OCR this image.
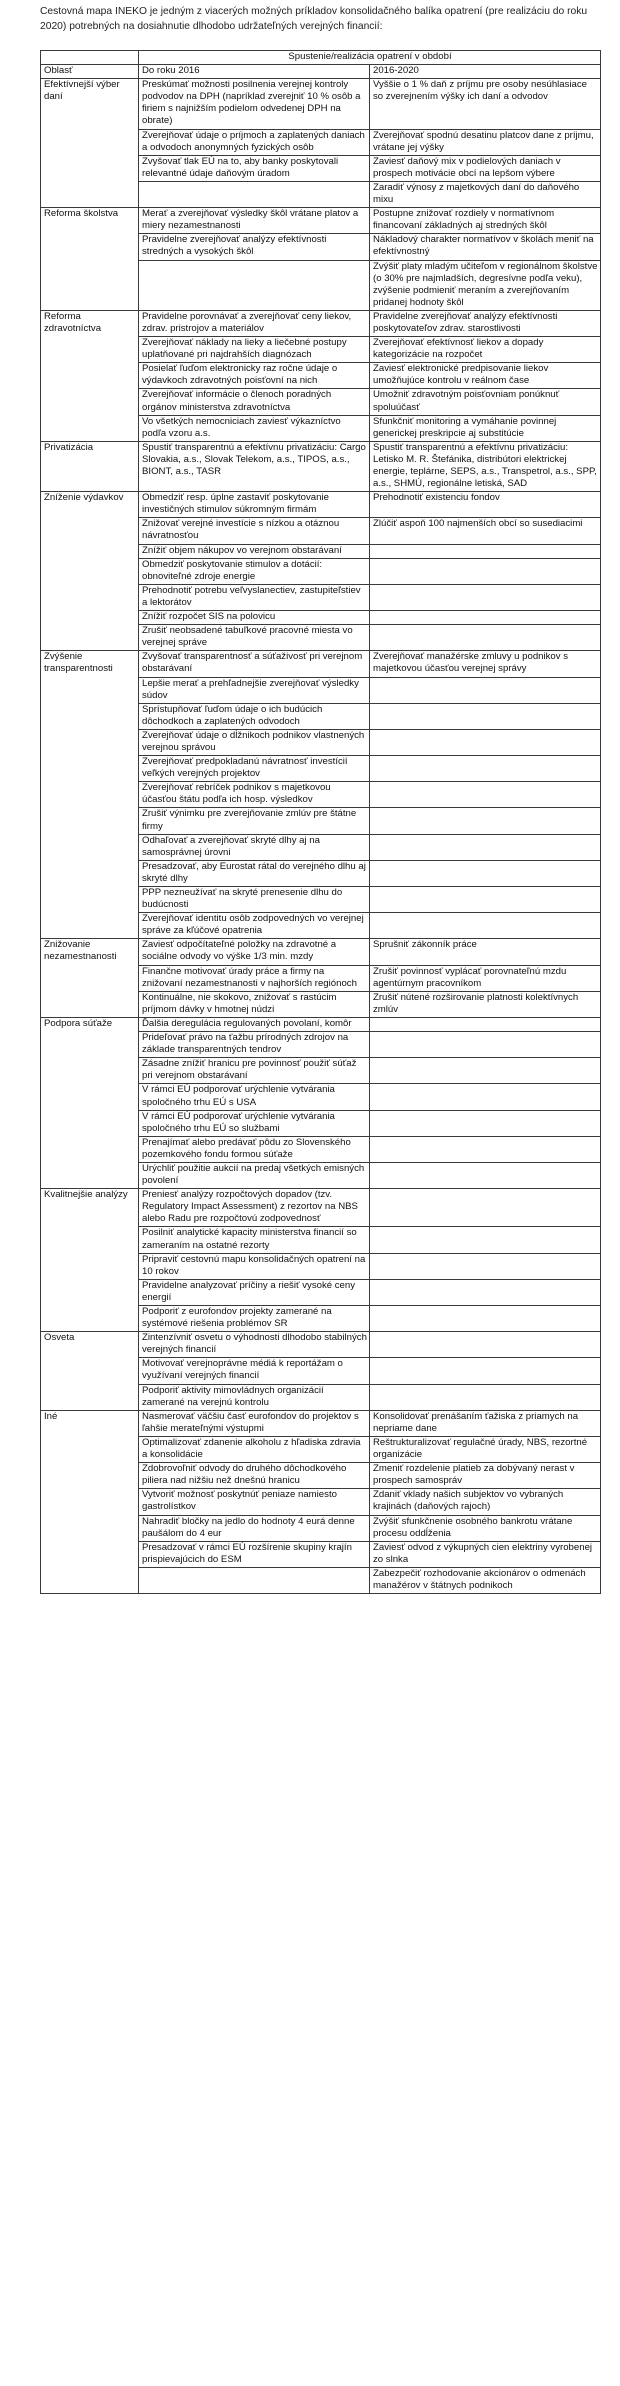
Cestovná mapa INEKO je jedným z viacerých možných príkladov konsolidačného balíka opatrení (pre realizáciu do roku 2020) potrebných na dosiahnutie dlhodobo udržateľných verejných financií:
	Spustenie/realizácia opatrení v období	
Oblasť	Do roku 2016	2016-2020
Efektívnejší výber daní	Preskúmať možnosti posilnenia verejnej kontroly podvodov na DPH (napríklad zverejniť 10 % osôb a firiem s najnižším podielom odvedenej DPH na obrate)	Vyššie o 1 % daň z príjmu pre osoby nesúhlasiace so zverejnením výšky ich daní a odvodov
	Zverejňovať údaje o príjmoch a zaplatených daniach a odvodoch anonymných fyzických osôb	Zverejňovať spodnú desatinu platcov dane z príjmu, vrátane jej výšky
	Zvyšovať tlak EÚ na to, aby banky poskytovali relevantné údaje daňovým úradom	Zaviesť daňový mix v podielových daniach v prospech motivácie obcí na lepšom výbere
		Zaradiť výnosy z majetkových daní do daňového mixu
Reforma školstva	Merať a zverejňovať výsledky škôl vrátane platov a miery nezamestnanosti	Postupne znižovať rozdiely v normatívnom financovaní základných aj stredných škôl
	Pravidelne zverejňovať analýzy efektívnosti stredných a vysokých škôl	Nákladový charakter normatívov v školách meniť na efektívnostný
		Zvýšiť platy mladým učiteľom v regionálnom školstve (o 30% pre najmladších, degresívne podľa veku), zvýšenie podmieniť meraním a zverejňovaním pridanej hodnoty škôl
Reforma zdravotníctva	Pravidelne porovnávať a zverejňovať ceny liekov, zdrav. pristrojov a materiálov	Pravidelne zverejňovať analýzy efektívnosti poskytovateľov zdrav. starostlivosti
	Zverejňovať náklady na lieky a liečebné postupy uplatňované pri najdrahších diagnózach	Zverejňovať efektívnosť liekov a dopady kategorizácie na rozpočet
	Posielať ľuďom elektronicky raz ročne údaje o výdavkoch zdravotných poisťovní na nich	Zaviesť elektronické predpisovanie liekov umožňujúce kontrolu v reálnom čase
	Zverejňovať informácie o členoch poradných orgánov ministerstva zdravotníctva	Umožniť zdravotným poisťovniam ponúknuť spoluúčasť
	Vo všetkých nemocniciach zaviesť výkazníctvo podľa vzoru a.s.	Sfunkčniť monitoring a vymáhanie povinnej generickej preskripcie aj substitúcie
Privatizácia	Spustiť transparentnú a efektívnu privatizáciu: Cargo Slovakia, a.s., Slovak Telekom, a.s., TIPOS, a.s., BIONT, a.s., TASR	Spustiť transparentnú a efektívnu privatizáciu: Letisko M. R. Štefánika, distribútori elektrickej energie, teplárne, SEPS, a.s., Transpetrol, a.s., SPP, a.s., SHMÚ, regionálne letiská, SAD
Zníženie výdavkov	Obmedziť resp. úplne zastaviť poskytovanie investičných stimulov súkromným firmám	Prehodnotiť existenciu fondov
	Znižovať verejné investície s nízkou a otáznou návratnosťou	Zlúčiť aspoň 100 najmenších obcí so susediacimi
	Znížiť objem nákupov vo verejnom obstarávaní	
	Obmedziť poskytovanie stimulov a dotácií: obnoviteľné zdroje energie	
	Prehodnotiť potrebu veľvyslanectiev, zastupiteľstiev a lektorátov	
	Znížiť rozpočet SIS na polovicu	
	Zrušiť neobsadené tabuľkové pracovné miesta vo verejnej správe	
Zvýšenie transparentnosti	Zvyšovať transparentnosť a súťaživosť pri verejnom obstarávaní	Zverejňovať manažérske zmluvy u podnikov s majetkovou účasťou verejnej správy
	Lepšie merať a prehľadnejšie zverejňovať výsledky súdov	
	Sprístupňovať ľuďom údaje o ich budúcich dôchodkoch a zaplatených odvodoch	
	Zverejňovať údaje o dĺžnikoch podnikov vlastnených verejnou správou	
	Zverejňovať predpokladanú návratnosť investícií veľkých verejných projektov	
	Zverejňovať rebríček podnikov s majetkovou účasťou štátu podľa ich hosp. výsledkov	
	Zrušiť výnimku pre zverejňovanie zmlúv pre štátne firmy	
	Odhaľovať a zverejňovať skryté dlhy aj na samosprávnej úrovni	
	Presadzovať, aby Eurostat rátal do verejného dlhu aj skryté dlhy	
	PPP nezneužívať na skryté prenesenie dlhu do budúcnosti	
	Zverejňovať identitu osôb zodpovedných vo verejnej správe za kľúčové opatrenia	
Znižovanie nezamestnanosti	Zaviesť odpočítateľné položky na zdravotné a sociálne odvody vo výške 1/3 min. mzdy	Sprušniť zákonník práce
	Finančne motivovať úrady práce a firmy na znižovaní nezamestnanosti v najhorších regiónoch	Zrušiť povinnosť vyplácať porovnateľnú mzdu agentúrnym pracovníkom
	Kontinuálne, nie skokovo, znižovať s rastúcim príjmom dávky v hmotnej núdzi	Zrušiť nútené rozširovanie platnosti kolektívnych zmlúv
Podpora súťaže	Ďalšia deregulácia regulovaných povolaní, komôr	
	Prideľovať právo na ťažbu prírodných zdrojov na základe transparentných tendrov	
	Zásadne znížiť hranicu pre povinnosť použiť súťaž pri verejnom obstarávaní	
	V rámci EÚ podporovať urýchlenie vytvárania spoločného trhu EÚ s USA	
	V rámci EÚ podporovať urýchlenie vytvárania spoločného trhu EÚ so službami	
	Prenajímať alebo predávať pôdu zo Slovenského pozemkového fondu formou súťaže	
	Urýchliť použitie aukcií na predaj všetkých emisných povolení	
Kvalitnejšie analýzy	Preniesť analýzy rozpočtových dopadov (tzv. Regulatory Impact Assessment) z rezortov na NBS alebo Radu pre rozpočtovú zodpovednosť	
	Posilniť analytické kapacity ministerstva financií so zameraním na ostatné rezorty	
	Pripraviť cestovnú mapu konsolidačných opatrení na 10 rokov	
	Pravidelne analyzovať príčiny a riešiť vysoké ceny energií	
	Podporiť z eurofondov projekty zamerané na systémové riešenia problémov SR	
Osveta	Zintenzívniť osvetu o výhodnosti dlhodobo stabilných verejných financií	
	Motivovať verejnoprávne médiá k reportážam o využívaní verejných financií	
	Podporiť aktivity mimovládnych organizácií zamerané na verejnú kontrolu	
Iné	Nasmerovať väčšiu časť eurofondov do projektov s ľahšie merateľnými výstupmi	Konsolidovať prenášaním ťažiska z priamych na nepriame dane
	Optimalizovať zdanenie alkoholu z hľadiska zdravia a konsolidácie	Reštrukturalizovať regulačné úrady, NBS, rezortné organizácie
	Zdobrovoľniť odvody do druhého dôchodkového piliera nad nižšiu než dnešnú hranicu	Zmeniť rozdelenie platieb za dobývaný nerast v prospech samospráv
	Vytvoriť možnosť poskytnúť peniaze namiesto gastrolístkov	Zdaniť vklady našich subjektov vo vybraných krajinách (daňových rajoch)
	Nahradiť bločky na jedlo do hodnoty 4 eurá denne paušálom do 4 eur	Zvýšiť sfunkčnenie osobného bankrotu vrátane procesu oddĺženia
	Presadzovať v rámci EÚ rozšírenie skupiny krajín prispievajúcich do ESM	Zaviesť odvod z výkupných cien elektriny vyrobenej zo slnka
		Zabezpečiť rozhodovanie akcionárov o odmenách manažérov v štátnych podnikoch
